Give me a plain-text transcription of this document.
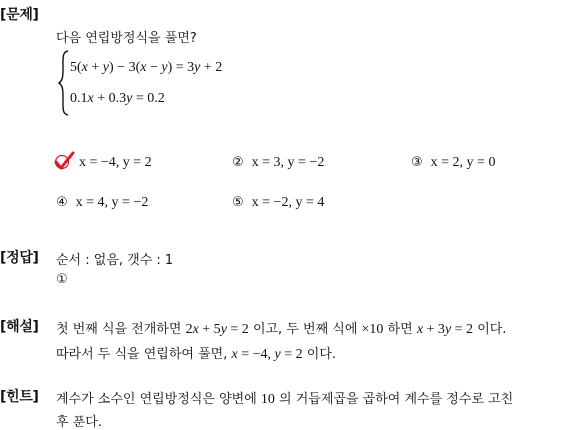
[문제]
다음 연립방정식을 풀면?
5(x + y) − 3(x − y) = 3y + 2
0.1x + 0.3y = 0.2
x = −4, y = 2	② x = 3, y = −2	③ x = 2, y = 0
④ x = 4, y = −2	⑤ x = −2, y = 4
[정답] 순서 : 없음, 갯수 : 1
①
[해설] 첫 번째 식을 전개하면 2x + 5y = 2 이고, 두 번째 식에 ×10 하면 x + 3y = 2 이다.
따라서 두 식을 연립하여 풀면, x = −4, y = 2 이다.
[힌트] 계수가 소수인 연립방정식은 양변에 10 의 거듭제곱을 곱하여 계수를 정수로 고친
후 푼다.
